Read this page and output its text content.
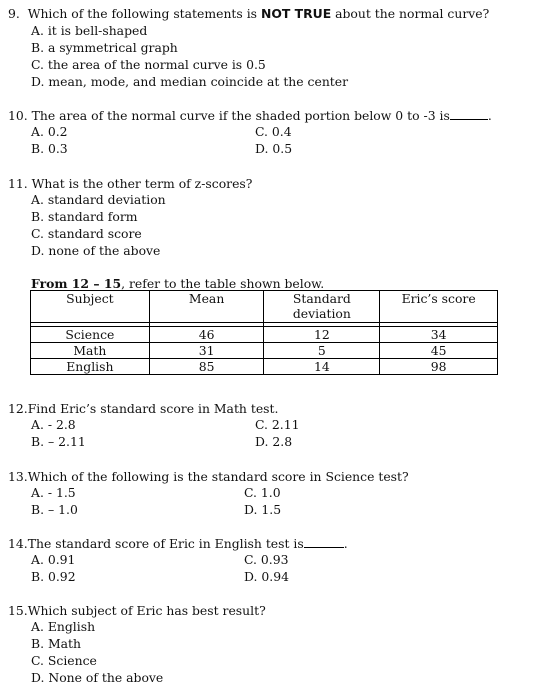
9. Which of the following statements is NOT TRUE about the normal curve?
A. it is bell-shaped
B. a symmetrical graph
C. the area of the normal curve is 0.5
D. mean, mode, and median coincide at the center
10. The area of the normal curve if the shaded portion below 0 to -3 is	.
A. 0.2	C. 0.4
B. 0.3	D. 0.5
11. What is the other term of z-scores?
A. standard deviation
B. standard form
C. standard score
D. none of the above
From 12 – 15, refer to the table shown below.
Subject	Mean	Standard deviation	Eric’s score

Science	46	12	34
Math	31	5	45
English	85	14	98
12.Find Eric’s standard score in Math test.
A. - 2.8	C. 2.11
B. – 2.11	D. 2.8
13.Which of the following is the standard score in Science test?
A. - 1.5	C. 1.0
B. – 1.0	D. 1.5
14.The standard score of Eric in English test is	.
A. 0.91	C. 0.93
B. 0.92	D. 0.94
15.Which subject of Eric has best result?
A. English
B. Math
C. Science
D. None of the above
